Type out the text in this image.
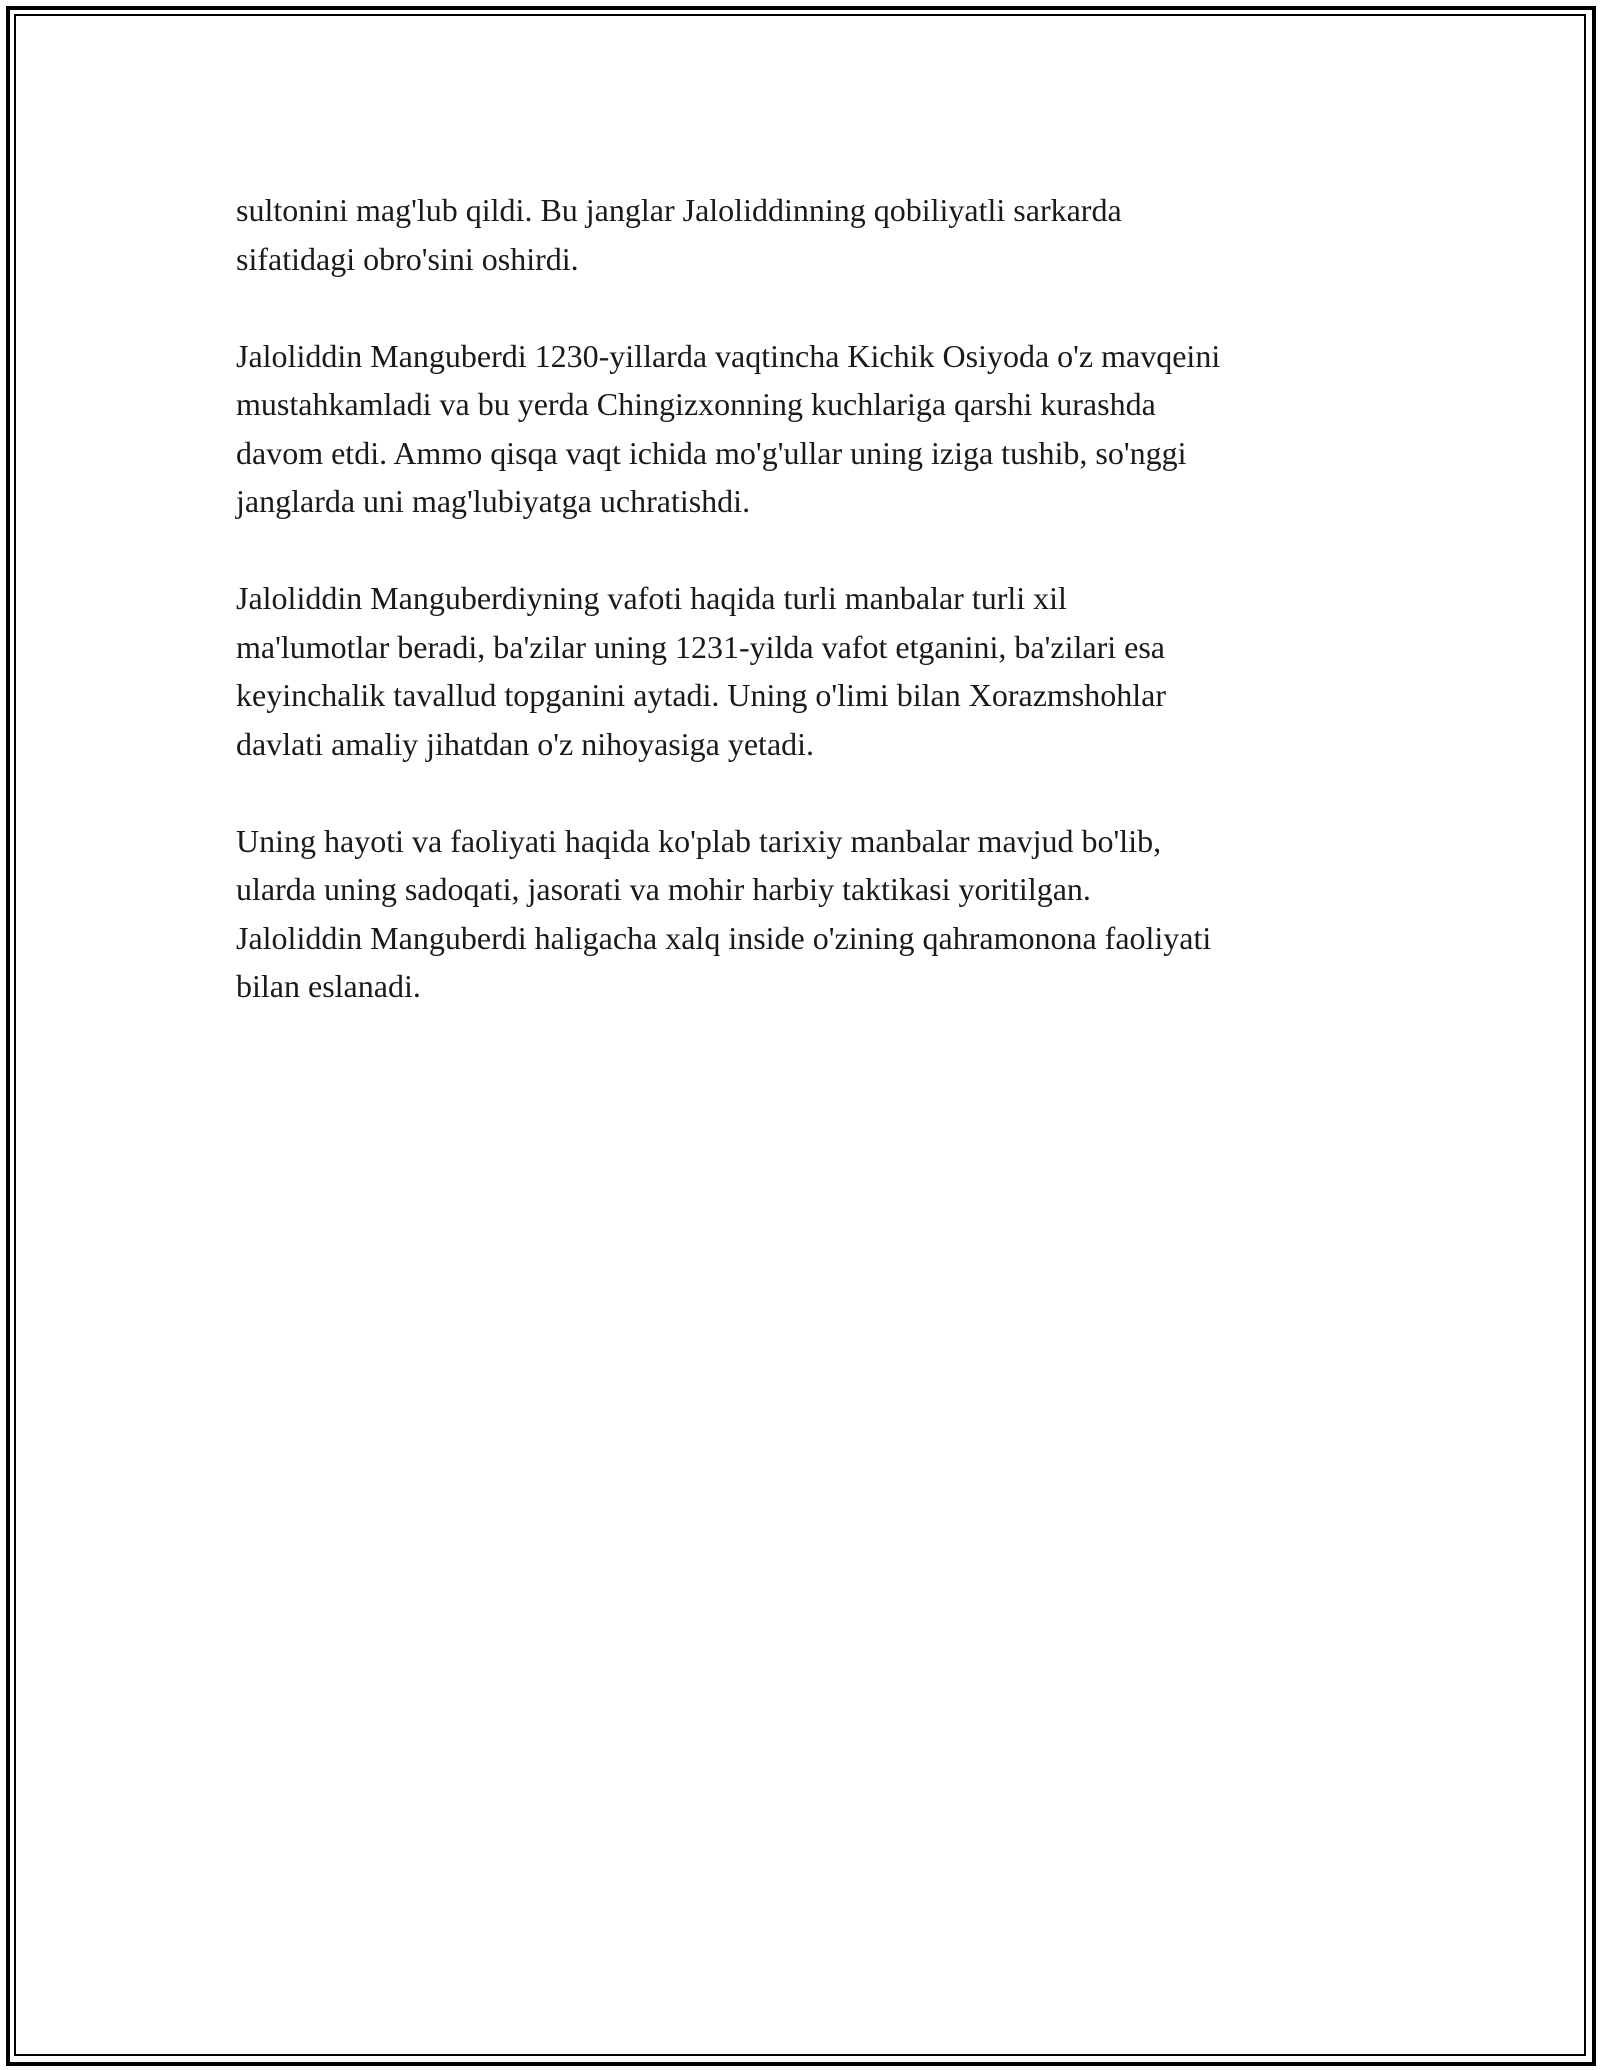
sultonini mag'lub qildi. Bu janglar Jaloliddinning qobiliyatli sarkarda
sifatidagi obro'sini oshirdi.

Jaloliddin Manguberdi 1230-yillarda vaqtincha Kichik Osiyoda o'z mavqeini
mustahkamladi va bu yerda Chingizxonning kuchlariga qarshi kurashda
davom etdi. Ammo qisqa vaqt ichida mo'g'ullar uning iziga tushib, so'nggi
janglarda uni mag'lubiyatga uchratishdi.

Jaloliddin Manguberdiyning vafoti haqida turli manbalar turli xil
ma'lumotlar beradi, ba'zilar uning 1231-yilda vafot etganini, ba'zilari esa
keyinchalik tavallud topganini aytadi. Uning o'limi bilan Xorazmshohlar
davlati amaliy jihatdan o'z nihoyasiga yetadi.

Uning hayoti va faoliyati haqida ko'plab tarixiy manbalar mavjud bo'lib,
ularda uning sadoqati, jasorati va mohir harbiy taktikasi yoritilgan.
Jaloliddin Manguberdi haligacha xalq inside o'zining qahramonona faoliyati
bilan eslanadi.
